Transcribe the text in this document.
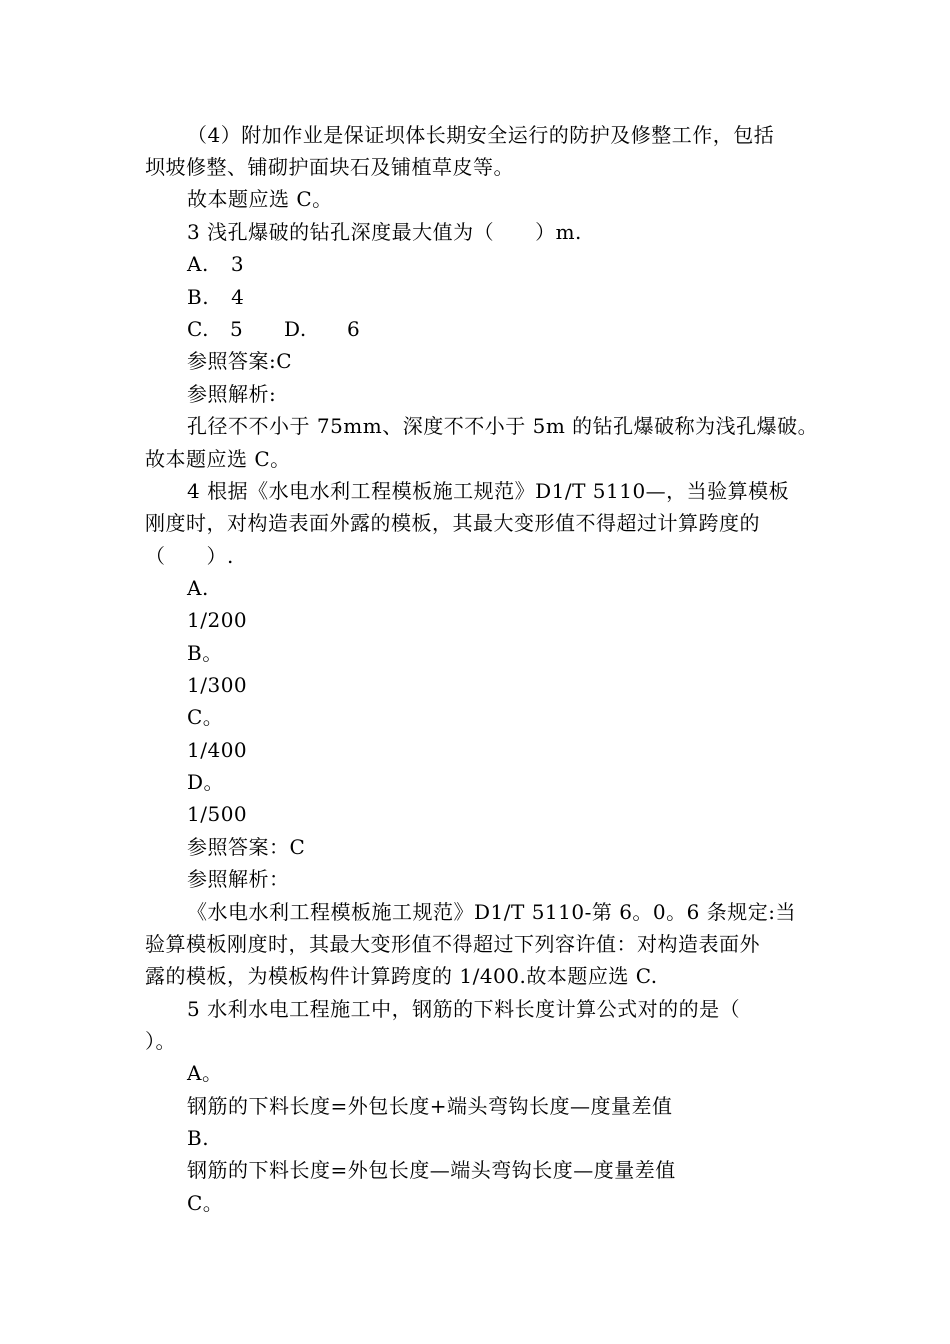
（4）附加作业是保证坝体长期安全运行的防护及修整工作，包括
坝坡修整、铺砌护面块石及铺植草皮等。
故本题应选 C。
3 浅孔爆破的钻孔深度最大值为（　　）m.
A. 3
B. 4
C. 5 D. 6
参照答案:C
参照解析:
孔径不不小于 75mm、深度不不小于 5m 的钻孔爆破称为浅孔爆破。
故本题应选 C。
4 根据《水电水利工程模板施工规范》D1/T 5110—，当验算模板
刚度时，对构造表面外露的模板，其最大变形值不得超过计算跨度的
（　　）.
A.
1/200
B。
1/300
C。
1/400
D。
1/500
参照答案：C
参照解析：
《水电水利工程模板施工规范》D1/T 5110-第 6。0。6 条规定:当
验算模板刚度时，其最大变形值不得超过下列容许值：对构造表面外
露的模板，为模板构件计算跨度的 1/400.故本题应选 C.
5 水利水电工程施工中，钢筋的下料长度计算公式对的的是（
）。
A。
钢筋的下料长度=外包长度+端头弯钩长度—度量差值
B.
钢筋的下料长度=外包长度—端头弯钩长度—度量差值
C。
